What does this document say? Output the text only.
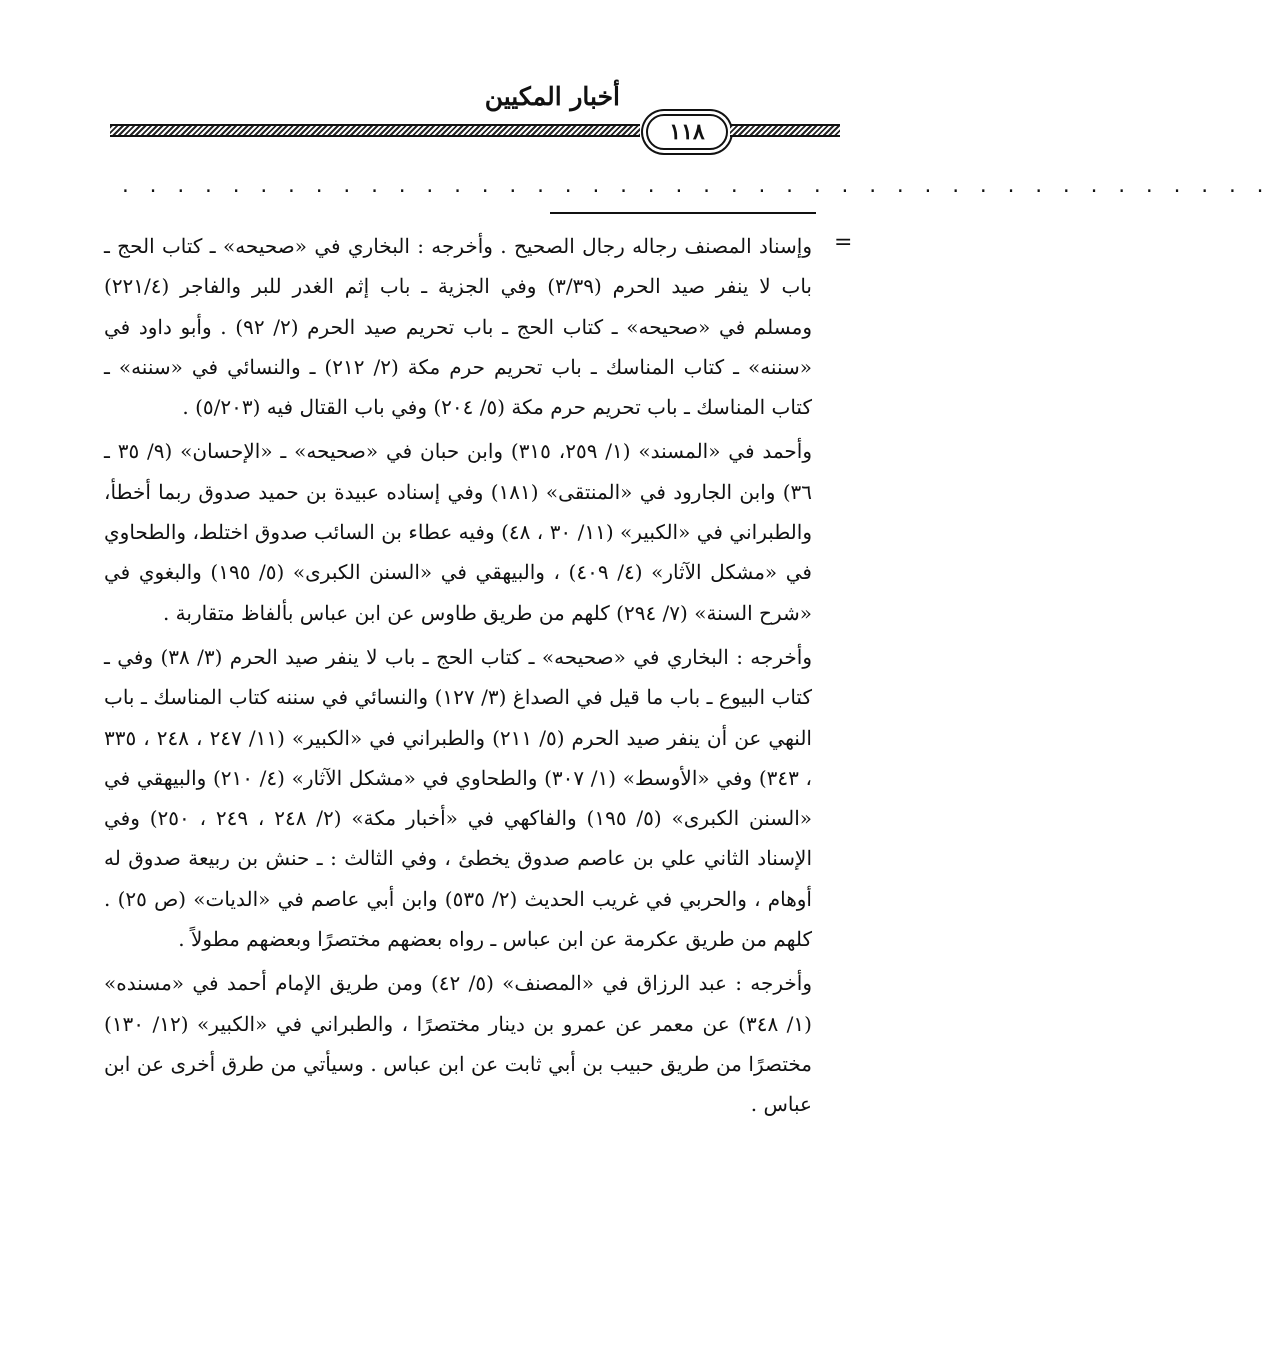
أخبار المكيين
١١٨

. . . . . . . . . . . . . . . . . . . . . . . . . . . . . . . . . . . . . . . . . .

=

وإسناد المصنف رجاله رجال الصحيح . وأخرجه : البخاري في «صحيحه» ـ كتاب الحج ـ باب لا ينفر صيد الحرم (٣/٣٩) وفي الجزية ـ باب إثم الغدر للبر والفاجر (٢٢١/٤) ومسلم في «صحيحه» ـ كتاب الحج ـ باب تحريم صيد الحرم (٢/ ٩٢) . وأبو داود في «سننه» ـ كتاب المناسك ـ باب تحريم حرم مكة (٢/ ٢١٢) ـ والنسائي في «سننه» ـ كتاب المناسك ـ باب تحريم حرم مكة (٥/ ٢٠٤) وفي باب القتال فيه (٥/٢٠٣) .

وأحمد في «المسند» (١/ ٢٥٩، ٣١٥) وابن حبان في «صحيحه» ـ «الإحسان» (٩/ ٣٥ ـ ٣٦) وابن الجارود في «المنتقى» (١٨١) وفي إسناده عبيدة بن حميد صدوق ربما أخطأ، والطبراني في «الكبير» (١١/ ٣٠ ، ٤٨) وفيه عطاء بن السائب صدوق اختلط، والطحاوي في «مشكل الآثار» (٤/ ٤٠٩) ، والبيهقي في «السنن الكبرى» (٥/ ١٩٥) والبغوي في «شرح السنة» (٧/ ٢٩٤) كلهم من طريق طاوس عن ابن عباس بألفاظ متقاربة .

وأخرجه : البخاري في «صحيحه» ـ كتاب الحج ـ باب لا ينفر صيد الحرم (٣/ ٣٨) وفي ـ كتاب البيوع ـ باب ما قيل في الصداغ (٣/ ١٢٧) والنسائي في سننه كتاب المناسك ـ باب النهي عن أن ينفر صيد الحرم (٥/ ٢١١) والطبراني في «الكبير» (١١/ ٢٤٧ ، ٢٤٨ ، ٣٣٥ ، ٣٤٣) وفي «الأوسط» (١/ ٣٠٧) والطحاوي في «مشكل الآثار» (٤/ ٢١٠) والبيهقي في «السنن الكبرى» (٥/ ١٩٥) والفاكهي في «أخبار مكة» (٢/ ٢٤٨ ، ٢٤٩ ، ٢٥٠) وفي الإسناد الثاني علي بن عاصم صدوق يخطئ ، وفي الثالث : ـ حنش بن ربيعة صدوق له أوهام ، والحربي في غريب الحديث (٢/ ٥٣٥) وابن أبي عاصم في «الديات» (ص ٢٥) . كلهم من طريق عكرمة عن ابن عباس ـ رواه بعضهم مختصرًا وبعضهم مطولاً .

وأخرجه : عبد الرزاق في «المصنف» (٥/ ٤٢) ومن طريق الإمام أحمد في «مسنده» (١/ ٣٤٨) عن معمر عن عمرو بن دينار مختصرًا ، والطبراني في «الكبير» (١٢/ ١٣٠) مختصرًا من طريق حبيب بن أبي ثابت عن ابن عباس . وسيأتي من طرق أخرى عن ابن عباس .
